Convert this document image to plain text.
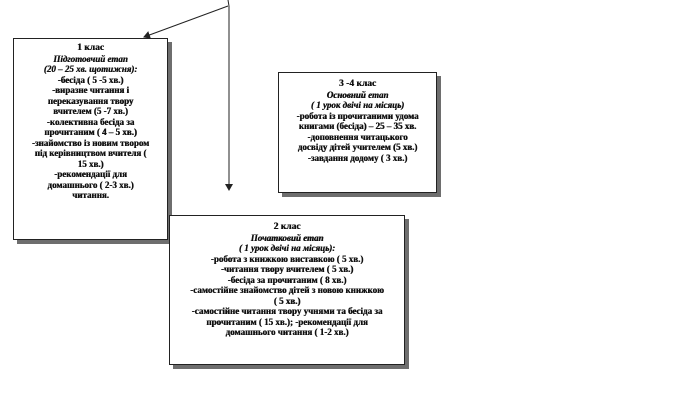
1 клас
Підготовчий етап
(20 – 25 хв. щотижня):
-бесіда ( 5 -5 хв.)
-виразне читання і
переказування твору
вчителем (5 -7 хв.)
-колективна бесіда за
прочитаним ( 4 – 5 хв.)
-знайомство із новим твором
під керівництвом вчителя (
15 хв.)
-рекомендації для
домашнього ( 2-3 хв.)
читання.
3 -4 клас
Основний етап
( 1 урок двічі на місяць)
-робота із прочитаними удома
книгами (бесіда) – 25 – 35 хв.
-доповнення читацького
досвіду дітей учителем (5 хв.)
-завдання додому ( 3 хв.)
2 клас
Початковий етап
( 1 урок двічі на місяць):
-робота з книжкою виставкою ( 5 хв.)
-читання твору вчителем ( 5 хв.)
-бесіда за прочитаним ( 8 хв.)
-самостійне знайомство дітей з новою книжкою
( 5 хв.)
-самостійне читання твору учнями та бесіда за
прочитаним ( 15 хв.); -рекомендації для
домашнього читання ( 1-2 хв.)
